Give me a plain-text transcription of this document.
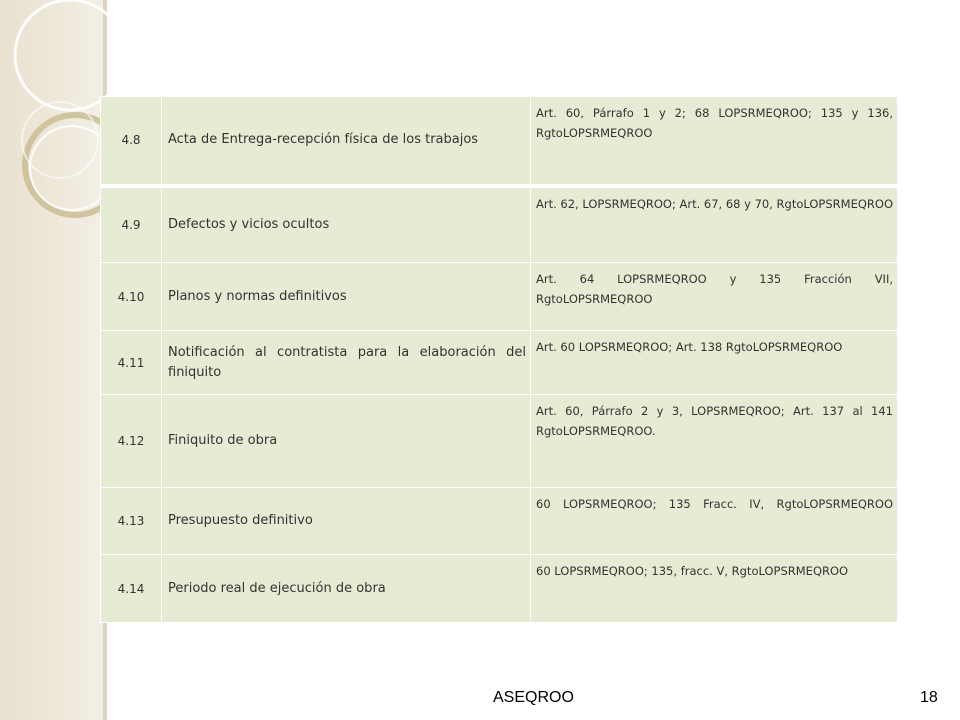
4.8	Acta de Entrega-recepción física de los trabajos	Art. 60, Párrafo 1 y 2; 68 LOPSRMEQROO; 135 y 136, RgtoLOPSRMEQROO
4.9	Defectos y vicios ocultos	Art. 62, LOPSRMEQROO; Art. 67, 68 y 70, RgtoLOPSRMEQROO
4.10	Planos y normas definitivos	Art. 64 LOPSRMEQROO y 135 Fracción VII, RgtoLOPSRMEQROO
4.11	Notificación al contratista para la elaboración del finiquito	Art. 60 LOPSRMEQROO; Art. 138 RgtoLOPSRMEQROO
4.12	Finiquito de obra	Art. 60, Párrafo 2 y 3, LOPSRMEQROO; Art. 137 al 141 RgtoLOPSRMEQROO.
4.13	Presupuesto definitivo	60 LOPSRMEQROO; 135 Fracc. IV, RgtoLOPSRMEQROO
4.14	Periodo real de ejecución de obra	60 LOPSRMEQROO; 135, fracc. V, RgtoLOPSRMEQROO
ASEQROO	18
